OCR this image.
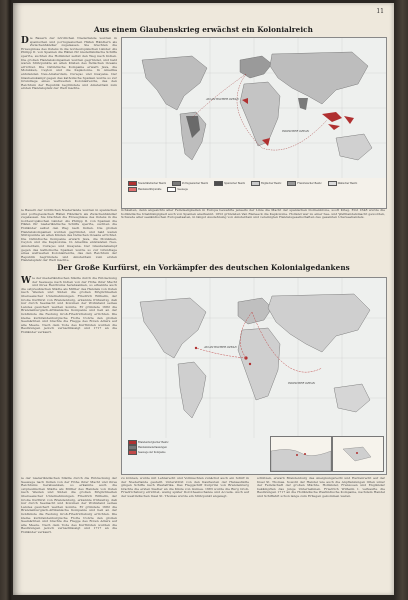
11
Aus einem Glaubenskrieg erwächst ein Kolonialreich
Die Bauern der nördlichen Niederlande wurden in spanischen und portugiesischen Häfen Händlern als Zwischenhändler zugelassen. Sie brachten die Erzeugnisse des Ostens in die nordeuropäischen Länder. Als Philipp II. von Spanien die Häfen für niederländische Schiffe sperrte, suchten die Holländer selbst den Weg nach Indien. Die großen Handelskompanien wurden gegründet, und bald waren Stützpunkte an allen Küsten des Indischen Ozeans errichtet. Die Ostindische Kompanie erwarb Java, die Molukken, Ceylon und die Kapkolonie. In Amerika entstanden Neu-Amsterdam, Curaçao und Guayana. Der Glaubenskampf gegen das katholische Spanien wurde so zur Grundlage eines weltweiten Kolonialreichs, das den Reichtum der Republik begründete und Amsterdam zum ersten Handelsplatz der Welt machte.
ATLANTISCHER OZEAN
INDISCHER OZEAN
Niederländischer Besitz	Portugiesischer Besitz	Spanischer Besitz	Englischer Besitz	Französischer Besitz	Dänischer Besitz
Handelsstützpunkte	Seewege
ie Bauern der nördlichen Niederlande wurden in spanischen und portugiesischen Häfen Händlern als Zwischenhändler zugelassen. Sie brachten die Erzeugnisse des Ostens in die nordeuropäischen Länder. Als Philipp II. von Spanien die Häfen für niederländische Schiffe sperrte, suchten die Holländer selbst den Weg nach Indien. Die großen Handelskompanien wurden gegründet, und bald waren Stützpunkte an allen Küsten des Indischen Ozeans errichtet. Die Ostindische Kompanie erwarb Java, die Molukken, Ceylon und die Kapkolonie. In Amerika entstanden Neu-Amsterdam, Curaçao und Guayana. Der Glaubenskampf gegen das katholische Spanien wurde so zur Grundlage eines weltweiten Kolonialreichs, das den Reichtum der Republik begründete und Amsterdam zum ersten Handelsplatz der Welt machte.
lichkeiten, denn angesichts aller Feindseligkeiten in Europa bewahrte jenseits der Linie die Macht der spanischen Dornenkrone, sooft Krieg. Erst 1648 wurde die holländische Unabhängigkeit auch von Spanien anerkannt. 1652 gründeten Van Riebeeck die Kapkolonie. Holland war zu einer See- und Welthandelsmacht geworden, Schwede aller seeländischen Europastaaten, in längst Ausdehnung von Amsterdam und vereinigten Handelsgesellschaften des gesamten Überseehandels.
Der Große Kurfürst, ein Vorkämpfer des deutschen Kolonialgedankens
Wie der niederländischen Städte durch die Entdeckung der Seewege nach Indien von der Höhe ihrer Macht und ihres Reichtums herabsanken, so erkannte auch die ostpreußischen Städte als Mittler des Handels von Osten nach Westen und Süden die großen Möglichkeiten überseeischer Unternehmungen. Friedrich Wilhelm, der Große Kurfürst von Brandenburg, erkannte frühzeitig, daß nur durch Seemacht und Kolonien der Wohlstand seines Landes gesichert werden konnte. Er gründete 1682 die Brandenburgisch-Afrikanische Kompanie und ließ an der Goldküste die Festung Groß-Friedrichsburg errichten. Die kleine kurbrandenburgische Flotte trotzte den großen Seemächten und brachte die Flagge des Roten Adlers auf alle Meere. Nach dem Tode des Kurfürsten wurden die Besitzungen jedoch vernachlässigt und 1717 an die Holländer verkauft.
ATLANTISCHER OZEAN
INDISCHER OZEAN
Brandenburgischer Besitz
Handelsniederlassungen
Seewege der Kompanie
ie der niederländischen Städte durch die Entdeckung der Seewege nach Indien von der Höhe ihrer Macht und ihres Reichtums herabsanken, so erkannte auch die ostpreußischen Städte als Mittler des Handels von Osten nach Westen und Süden die großen Möglichkeiten überseeischer Unternehmungen. Friedrich Wilhelm, der Große Kurfürst von Brandenburg, erkannte frühzeitig, daß nur durch Seemacht und Kolonien der Wohlstand seines Landes gesichert werden konnte. Er gründete 1682 die Brandenburgisch-Afrikanische Kompanie und ließ an der Goldküste die Festung Groß-Friedrichsburg errichten. Die kleine kurbrandenburgische Flotte trotzte den großen Seemächten und brachte die Flagge des Roten Adlers auf alle Meere. Nach dem Tode des Kurfürsten wurden die Besitzungen jedoch vernachlässigt und 1717 an die Holländer verkauft.
zu können, wurde mit Lehnsrecht und Vollmachten zunächst auch ein Schiff in der Niederlande gestellt. Unterstützt von den Kaufleuten der Hansestädte gingen Schiffe nach Westafrika. Das Flaggschiff Kurprinz von Brandenburg brachte die ersten Siedler an die Küste von Guinea. 1683 wurde die Burg Groß-Friedrichsburg errichtet, wenig später Dorotheenschanze und Accada. Auch auf der westindischen Insel St. Thomas wurde ein Stützpunkt angelegt.
schützen, erwarb Brandenburg das Aneignungsrecht und Herrenrecht auf der Insel St. Thomas. Sowohl der Handel wie auch die Anpflanzungen litten unter der Feindschaft der großen Mächte. Holländer, Franzosen und Engländer bekämpften das junge Unternehmen. Friedrich Wilhelm I. verkaufte die Besitzungen 1717 an die Holländische Westindische Kompanie, nachdem Handel und Schiffahrt schon lange zum Erliegen gekommen waren.
